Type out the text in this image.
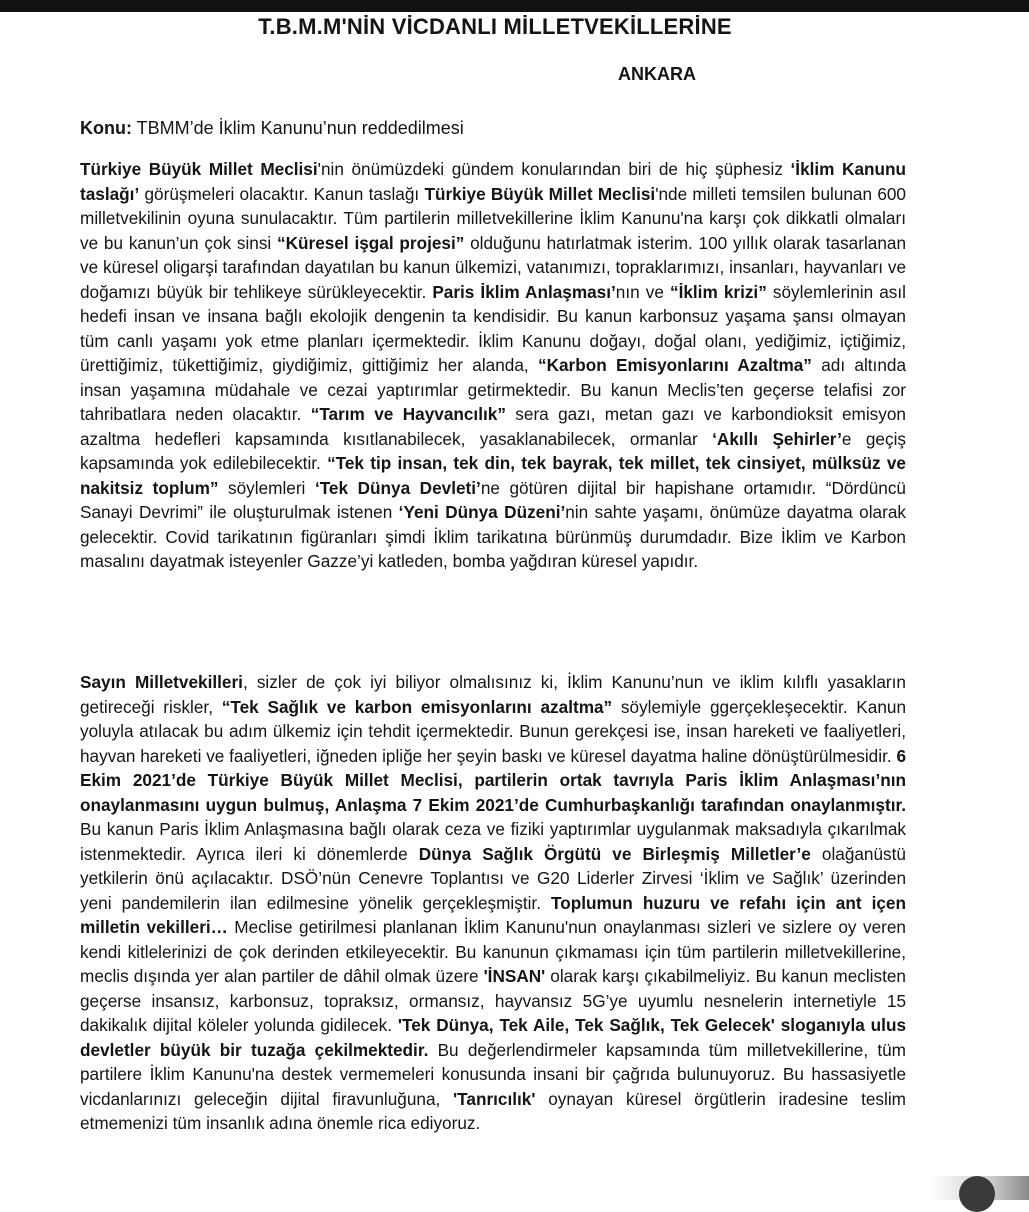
T.B.M.M'NİN VİCDANLI MİLLETVEKİLLERİNE
ANKARA
Konu: TBMM’de İklim Kanunu’nun reddedilmesi

Türkiye Büyük Millet Meclisi'nin önümüzdeki gündem konularından biri de hiç şüphesiz ‘İklim Kanunu taslağı’ görüşmeleri olacaktır. Kanun taslağı Türkiye Büyük Millet Meclisi'nde milleti temsilen bulunan 600 milletvekilinin oyuna sunulacaktır. Tüm partilerin milletvekillerine İklim Kanunu'na karşı çok dikkatli olmaları ve bu kanun’un çok sinsi “Küresel işgal projesi” olduğunu hatırlatmak isterim. 100 yıllık olarak tasarlanan ve küresel oligarşi tarafından dayatılan bu kanun ülkemizi, vatanımızı, topraklarımızı, insanları, hayvanları ve doğamızı büyük bir tehlikeye sürükleyecektir. Paris İklim Anlaşması’nın ve “İklim krizi” söylemlerinin asıl hedefi insan ve insana bağlı ekolojik dengenin ta kendisidir. Bu kanun karbonsuz yaşama şansı olmayan tüm canlı yaşamı yok etme planları içermektedir. İklim Kanunu doğayı, doğal olanı, yediğimiz, içtiğimiz, ürettiğimiz, tükettiğimiz, giydiğimiz, gittiğimiz her alanda, “Karbon Emisyonlarını Azaltma” adı altında insan yaşamına müdahale ve cezai yaptırımlar getirmektedir. Bu kanun Meclis’ten geçerse telafisi zor tahribatlara neden olacaktır. “Tarım ve Hayvancılık” sera gazı, metan gazı ve karbondioksit emisyon azaltma hedefleri kapsamında kısıtlanabilecek, yasaklanabilecek, ormanlar ‘Akıllı Şehirler’e geçiş kapsamında yok edilebilecektir. “Tek tip insan, tek din, tek bayrak, tek millet, tek cinsiyet, mülksüz ve nakitsiz toplum” söylemleri ‘Tek Dünya Devleti’ne götüren dijital bir hapishane ortamıdır. “Dördüncü Sanayi Devrimi” ile oluşturulmak istenen ‘Yeni Dünya Düzeni’nin sahte yaşamı, önümüze dayatma olarak gelecektir. Covid tarikatının figüranları şimdi İklim tarikatına bürünmüş durumdadır. Bize İklim ve Karbon masalını dayatmak isteyenler Gazze’yi katleden, bomba yağdıran küresel yapıdır.

Sayın Milletvekilleri, sizler de çok iyi biliyor olmalısınız ki, İklim Kanunu’nun ve iklim kılıflı yasakların getireceği riskler, “Tek Sağlık ve karbon emisyonlarını azaltma” söylemiyle ggerçekleşecektir. Kanun yoluyla atılacak bu adım ülkemiz için tehdit içermektedir. Bunun gerekçesi ise, insan hareketi ve faaliyetleri, hayvan hareketi ve faaliyetleri, iğneden ipliğe her şeyin baskı ve küresel dayatma haline dönüştürülmesidir. 6 Ekim 2021’de Türkiye Büyük Millet Meclisi, partilerin ortak tavrıyla Paris İklim Anlaşması’nın onaylanmasını uygun bulmuş, Anlaşma 7 Ekim 2021’de Cumhurbaşkanlığı tarafından onaylanmıştır. Bu kanun Paris İklim Anlaşmasına bağlı olarak ceza ve fiziki yaptırımlar uygulanmak maksadıyla çıkarılmak istenmektedir. Ayrıca ileri ki dönemlerde Dünya Sağlık Örgütü ve Birleşmiş Milletler’e olağanüstü yetkilerin önü açılacaktır. DSÖ’nün Cenevre Toplantısı ve G20 Liderler Zirvesi ‘İklim ve Sağlık’ üzerinden yeni pandemilerin ilan edilmesine yönelik gerçekleşmiştir. Toplumun huzuru ve refahı için ant içen milletin vekilleri… Meclise getirilmesi planlanan İklim Kanunu'nun onaylanması sizleri ve sizlere oy veren kendi kitlelerinizi de çok derinden etkileyecektir. Bu kanunun çıkmaması için tüm partilerin milletvekillerine, meclis dışında yer alan partiler de dâhil olmak üzere 'İNSAN' olarak karşı çıkabilmeliyiz. Bu kanun meclisten geçerse insansız, karbonsuz, topraksız, ormansız, hayvansız 5G’ye uyumlu nesnelerin internetiyle 15 dakikalık dijital köleler yolunda gidilecek. 'Tek Dünya, Tek Aile, Tek Sağlık, Tek Gelecek' sloganıyla ulus devletler büyük bir tuzağa çekilmektedir. Bu değerlendirmeler kapsamında tüm milletvekillerine, tüm partilere İklim Kanunu'na destek vermemeleri konusunda insani bir çağrıda bulunuyoruz. Bu hassasiyetle vicdanlarınızı geleceğin dijital firavunluğuna, 'Tanrıcılık' oynayan küresel örgütlerin iradesine teslim etmemenizi tüm insanlık adına önemle rica ediyoruz.
